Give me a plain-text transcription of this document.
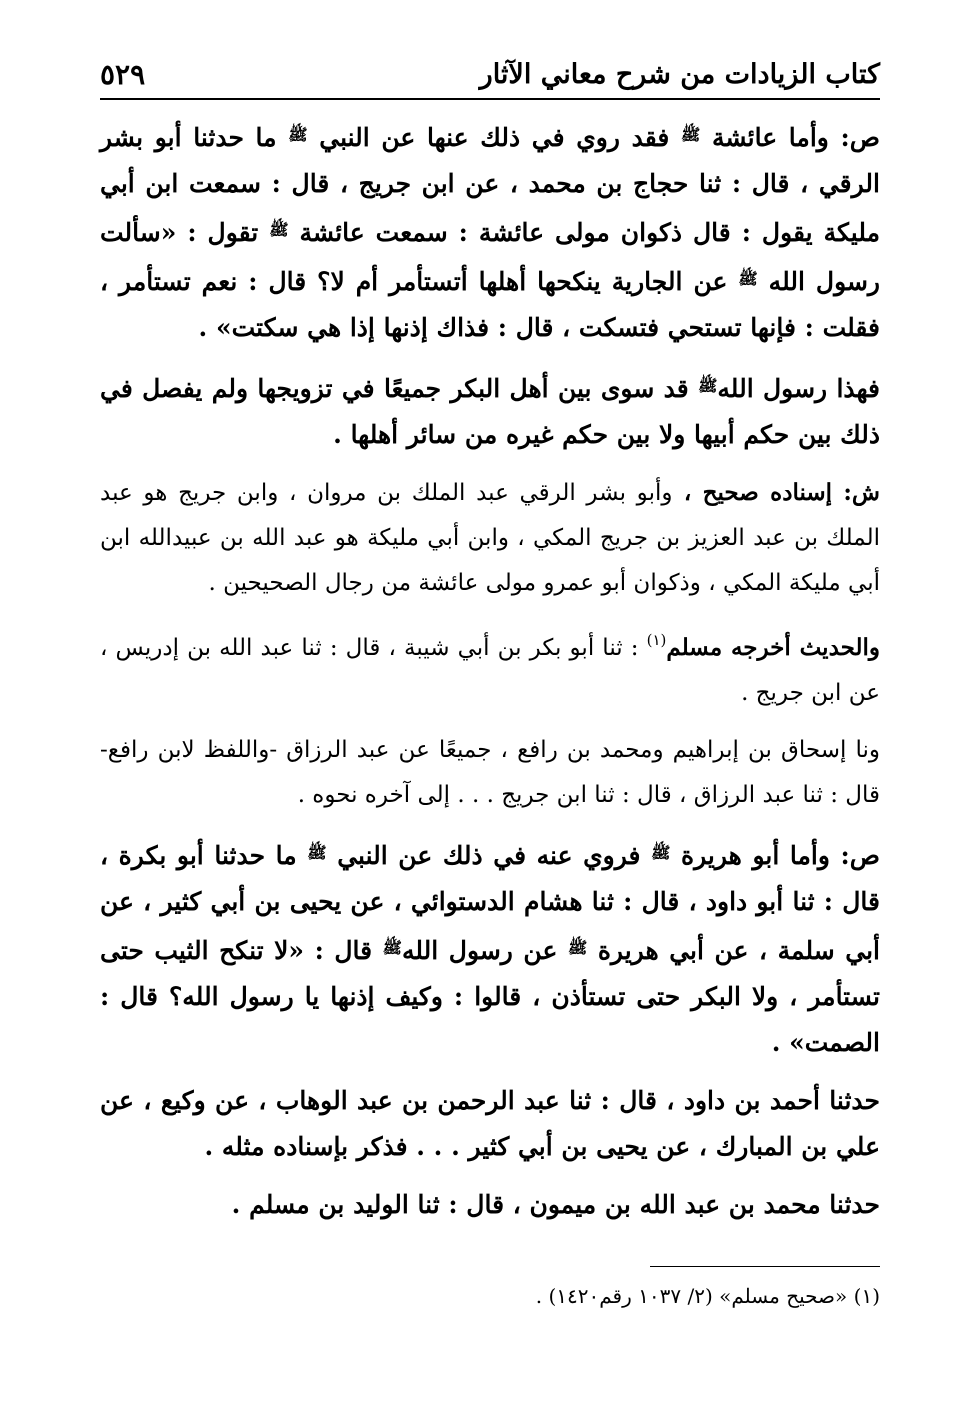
كتاب الزيادات من شرح معاني الآثار
٥٢٩

ص: وأما عائشة $^ﷺ$ فقد روي في ذلك عنها عن النبي $^ﷺ$ ما حدثنا أبو بشر الرقي ، قال : ثنا حجاج بن محمد ، عن ابن جريج ، قال : سمعت ابن أبي مليكة يقول : قال ذكوان مولى عائشة : سمعت عائشة $^ﷺ$ تقول : «سألت رسول الله $^ﷺ$ عن الجارية ينكحها أهلها أتستأمر أم لا؟ قال : نعم تستأمر ، فقلت : فإنها تستحي فتسكت ، قال : فذاك إذنها إذا هي سكتت» .

فهذا رسول الله$^ﷺ$ قد سوى بين أهل البكر جميعًا في تزويجها ولم يفصل في ذلك بين حكم أبيها ولا بين حكم غيره من سائر أهلها .

ش: إسناده صحيح ، وأبو بشر الرقي عبد الملك بن مروان ، وابن جريج هو عبد الملك بن عبد العزيز بن جريج المكي ، وابن أبي مليكة هو عبد الله بن عبيدالله ابن أبي مليكة المكي ، وذكوان أبو عمرو مولى عائشة من رجال الصحيحين .

والحديث أخرجه مسلم$^{(١)}$ : ثنا أبو بكر بن أبي شيبة ، قال : ثنا عبد الله بن إدريس ، عن ابن جريج .

ونا إسحاق بن إبراهيم ومحمد بن رافع ، جميعًا عن عبد الرزاق -واللفظ لابن رافع- قال : ثنا عبد الرزاق ، قال : ثنا ابن جريج . . . إلى آخره نحوه .

ص: وأما أبو هريرة $^ﷺ$ فروي عنه في ذلك عن النبي $^ﷺ$ ما حدثنا أبو بكرة ، قال : ثنا أبو داود ، قال : ثنا هشام الدستوائي ، عن يحيى بن أبي كثير ، عن أبي سلمة ، عن أبي هريرة $^ﷺ$ عن رسول الله$^ﷺ$ قال : «لا تنكح الثيب حتى تستأمر ، ولا البكر حتى تستأذن ، قالوا : وكيف إذنها يا رسول الله؟ قال : الصمت» .

حدثنا أحمد بن داود ، قال : ثنا عبد الرحمن بن عبد الوهاب ، عن وكيع ، عن علي بن المبارك ، عن يحيى بن أبي كثير . . . فذكر بإسناده مثله .

حدثنا محمد بن عبد الله بن ميمون ، قال : ثنا الوليد بن مسلم .

(١) «صحيح مسلم» (٢/ ١٠٣٧ رقم١٤٢٠) .
